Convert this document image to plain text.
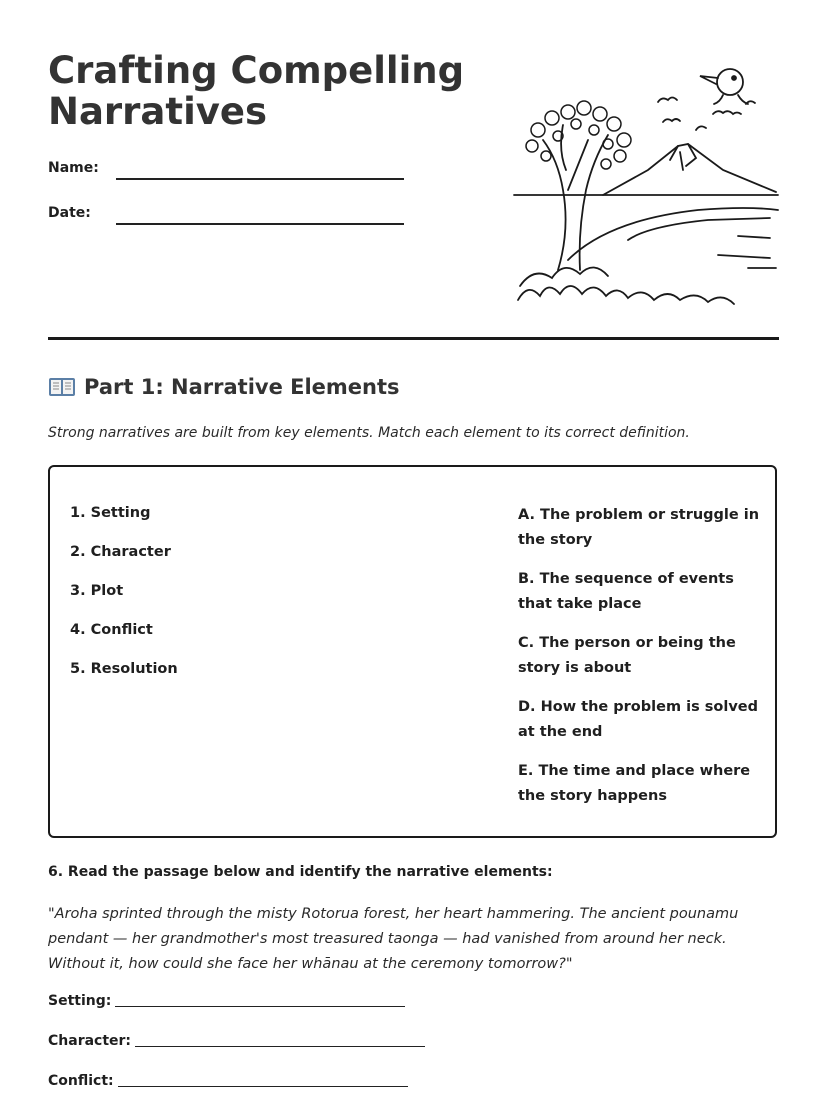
Crafting Compelling Narratives
Name:
Date:
Part 1: Narrative Elements
Strong narratives are built from key elements. Match each element to its correct definition.
1. Setting
2. Character
3. Plot
4. Conflict
5. Resolution
A. The problem or struggle in the story
B. The sequence of events that take place
C. The person or being the story is about
D. How the problem is solved at the end
E. The time and place where the story happens
6. Read the passage below and identify the narrative elements:

"Aroha sprinted through the misty Rotorua forest, her heart hammering. The ancient pounamu pendant — her grandmother's most treasured taonga — had vanished from around her neck. Without it, how could she face her whānau at the ceremony tomorrow?"

Setting:
Character:
Conflict:
